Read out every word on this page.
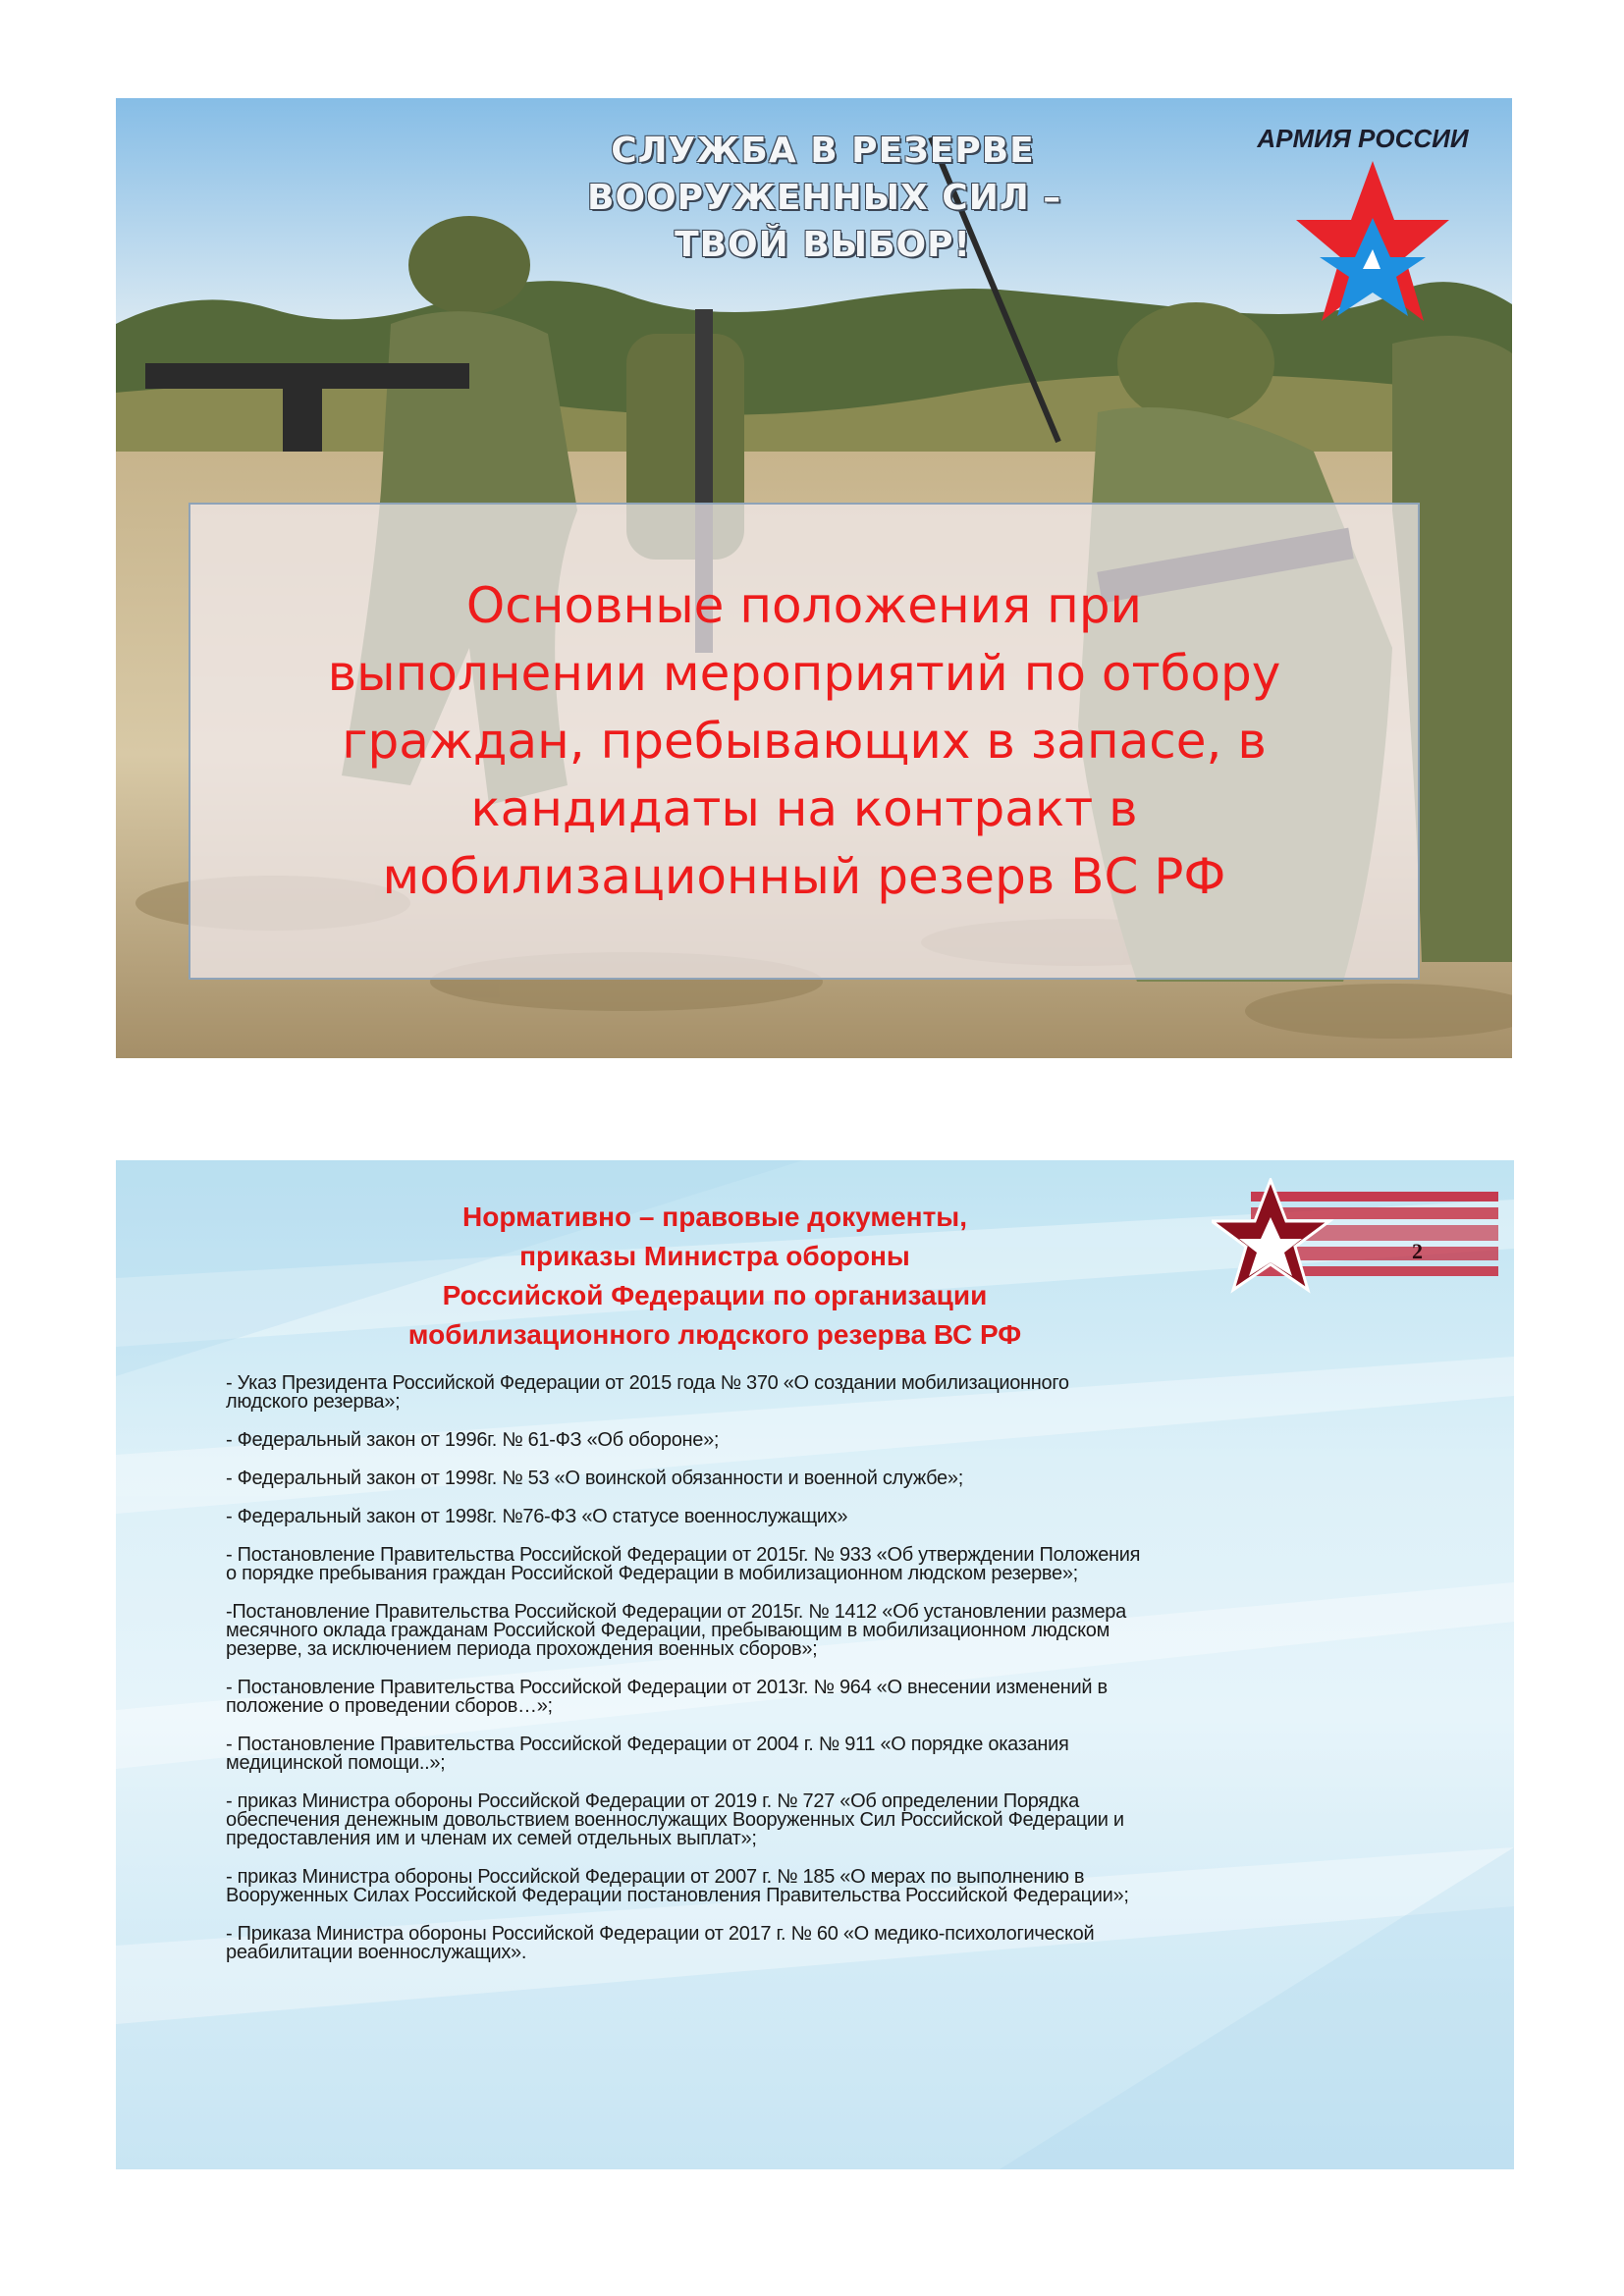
СЛУЖБА В РЕЗЕРВЕ
ВООРУЖЕННЫХ СИЛ –
ТВОЙ ВЫБОР!
АРМИЯ РОССИИ
Основные положения при
выполнении мероприятий по отбору
граждан, пребывающих в запасе, в
кандидаты на контракт в
мобилизационный резерв ВС РФ
Нормативно – правовые документы,
приказы Министра обороны
Российской Федерации по организации
мобилизационного людского резерва ВС РФ
2
- Указ Президента Российской Федерации от 2015 года № 370 «О создании мобилизационного
людского резерва»;
- Федеральный закон от 1996г. № 61-ФЗ «Об обороне»;
- Федеральный закон от 1998г. № 53 «О воинской обязанности и военной службе»;
- Федеральный закон от 1998г. №76-ФЗ «О статусе военнослужащих»
- Постановление Правительства Российской Федерации от 2015г. № 933 «Об утверждении Положения
о порядке пребывания граждан Российской Федерации в мобилизационном людском резерве»;
-Постановление Правительства Российской Федерации от 2015г. № 1412 «Об установлении размера
месячного оклада гражданам Российской Федерации, пребывающим в мобилизационном людском
резерве, за исключением периода прохождения военных сборов»;
- Постановление Правительства Российской Федерации от 2013г. № 964 «О внесении изменений в
положение о проведении сборов…»;
- Постановление Правительства Российской Федерации от 2004 г. № 911 «О порядке оказания
медицинской помощи..»;
- приказ Министра обороны Российской Федерации от 2019 г. № 727 «Об определении Порядка
обеспечения денежным довольствием военнослужащих Вооруженных Сил Российской Федерации и
предоставления им и членам их семей отдельных выплат»;
- приказ Министра обороны Российской Федерации от 2007 г. № 185 «О мерах по выполнению в
Вооруженных Силах Российской Федерации постановления Правительства Российской Федерации»;
- Приказа Министра обороны Российской Федерации от 2017 г. № 60 «О медико-психологической
реабилитации военнослужащих».
